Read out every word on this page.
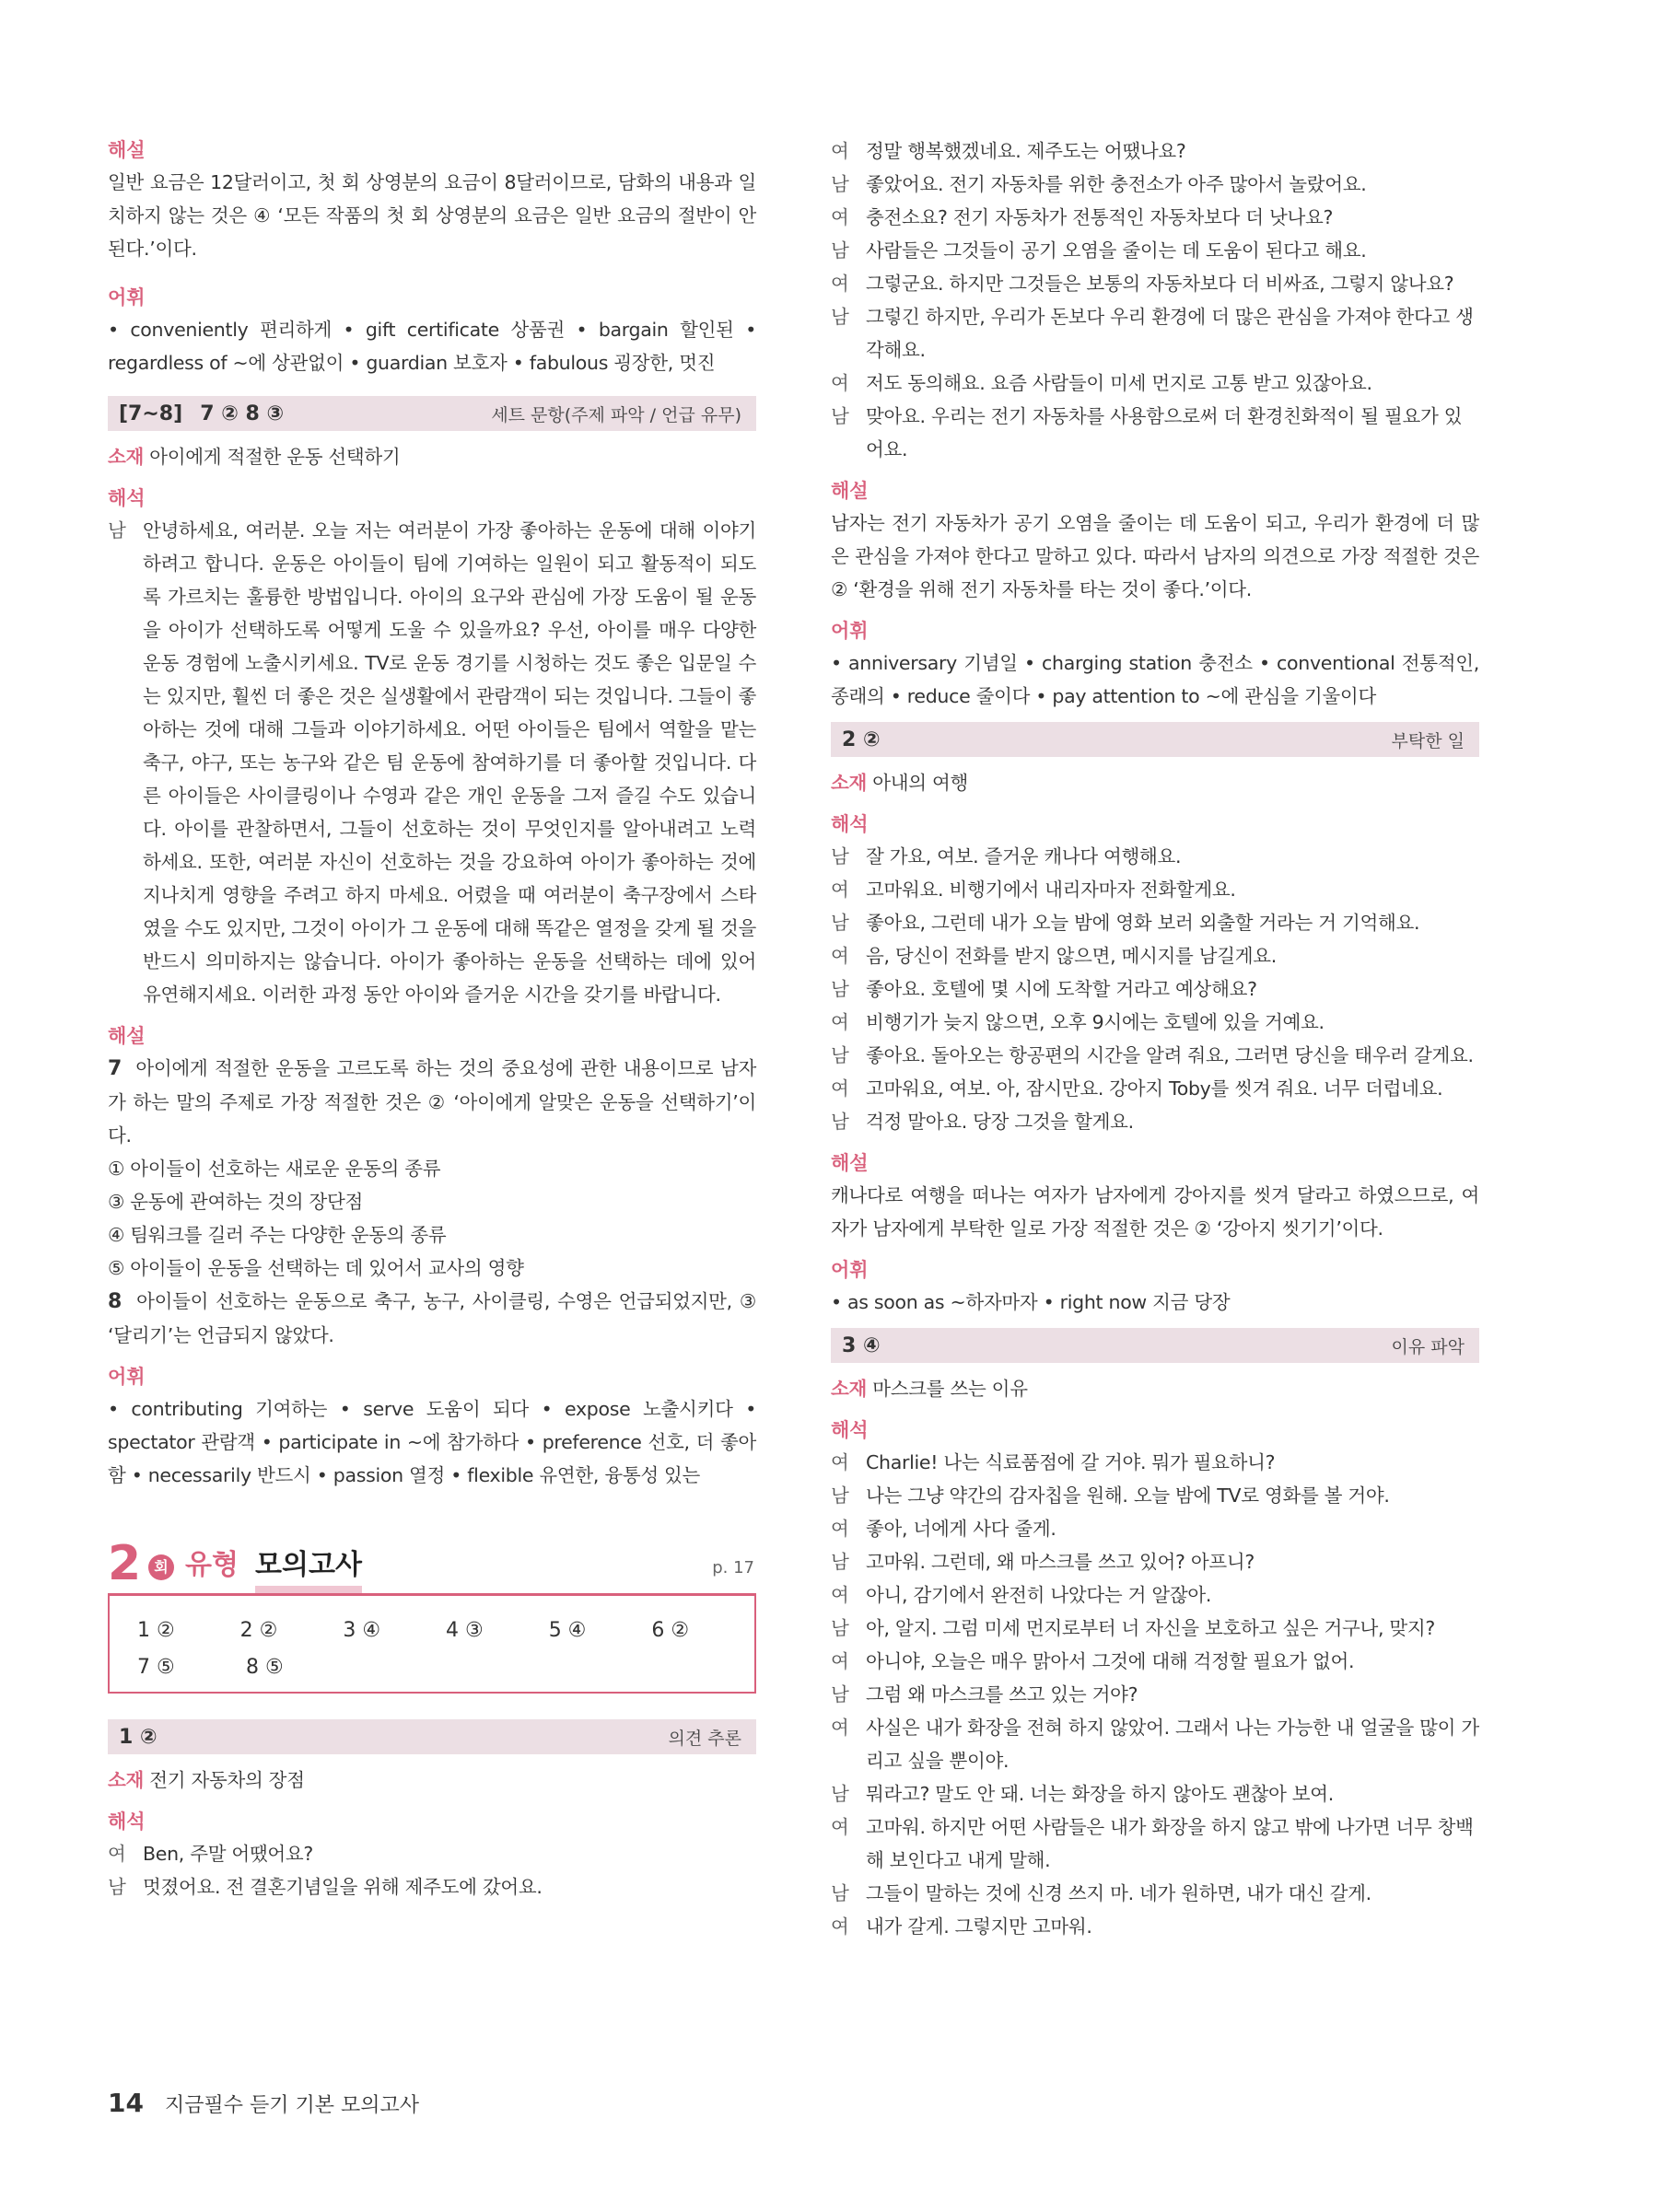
해설

일반 요금은 12달러이고, 첫 회 상영분의 요금이 8달러이므로, 담화의 내용과 일치하지 않는 것은 ④ ‘모든 작품의 첫 회 상영분의 요금은 일반 요금의 절반이 안 된다.’이다.

어휘

• conveniently 편리하게 • gift certificate 상품권 • bargain 할인된 • regardless of ~에 상관없이 • guardian 보호자 • fabulous 굉장한, 멋진

[7~8] 7 ② 8 ③	세트 문항(주제 파악 / 언급 유무)

소재 아이에게 적절한 운동 선택하기

해석

남 안녕하세요, 여러분. 오늘 저는 여러분이 가장 좋아하는 운동에 대해 이야기하려고 합니다. 운동은 아이들이 팀에 기여하는 일원이 되고 활동적이 되도록 가르치는 훌륭한 방법입니다. 아이의 요구와 관심에 가장 도움이 될 운동을 아이가 선택하도록 어떻게 도울 수 있을까요? 우선, 아이를 매우 다양한 운동 경험에 노출시키세요. TV로 운동 경기를 시청하는 것도 좋은 입문일 수는 있지만, 훨씬 더 좋은 것은 실생활에서 관람객이 되는 것입니다. 그들이 좋아하는 것에 대해 그들과 이야기하세요. 어떤 아이들은 팀에서 역할을 맡는 축구, 야구, 또는 농구와 같은 팀 운동에 참여하기를 더 좋아할 것입니다. 다른 아이들은 사이클링이나 수영과 같은 개인 운동을 그저 즐길 수도 있습니다. 아이를 관찰하면서, 그들이 선호하는 것이 무엇인지를 알아내려고 노력하세요. 또한, 여러분 자신이 선호하는 것을 강요하여 아이가 좋아하는 것에 지나치게 영향을 주려고 하지 마세요. 어렸을 때 여러분이 축구장에서 스타였을 수도 있지만, 그것이 아이가 그 운동에 대해 똑같은 열정을 갖게 될 것을 반드시 의미하지는 않습니다. 아이가 좋아하는 운동을 선택하는 데에 있어 유연해지세요. 이러한 과정 동안 아이와 즐거운 시간을 갖기를 바랍니다.

해설

7 아이에게 적절한 운동을 고르도록 하는 것의 중요성에 관한 내용이므로 남자가 하는 말의 주제로 가장 적절한 것은 ② ‘아이에게 알맞은 운동을 선택하기’이다.

① 아이들이 선호하는 새로운 운동의 종류

③ 운동에 관여하는 것의 장단점

④ 팀워크를 길러 주는 다양한 운동의 종류

⑤ 아이들이 운동을 선택하는 데 있어서 교사의 영향

8 아이들이 선호하는 운동으로 축구, 농구, 사이클링, 수영은 언급되었지만, ③ ‘달리기’는 언급되지 않았다.

어휘

• contributing 기여하는 • serve 도움이 되다 • expose 노출시키다 • spectator 관람객 • participate in ~에 참가하다 • preference 선호, 더 좋아함 • necessarily 반드시 • passion 열정 • flexible 유연한, 융통성 있는

2 회 유형 모의고사	p. 17
1 ②	2 ②	3 ④	4 ③	5 ④	6 ②
7 ⑤	8 ⑤
1 ②	의견 추론

소재 전기 자동차의 장점

해석

여 Ben, 주말 어땠어요?
남 멋졌어요. 전 결혼기념일을 위해 제주도에 갔어요.
여 정말 행복했겠네요. 제주도는 어땠나요?
남 좋았어요. 전기 자동차를 위한 충전소가 아주 많아서 놀랐어요.
여 충전소요? 전기 자동차가 전통적인 자동차보다 더 낫나요?
남 사람들은 그것들이 공기 오염을 줄이는 데 도움이 된다고 해요.
여 그렇군요. 하지만 그것들은 보통의 자동차보다 더 비싸죠, 그렇지 않나요?
남 그렇긴 하지만, 우리가 돈보다 우리 환경에 더 많은 관심을 가져야 한다고 생각해요.
여 저도 동의해요. 요즘 사람들이 미세 먼지로 고통 받고 있잖아요.
남 맞아요. 우리는 전기 자동차를 사용함으로써 더 환경친화적이 될 필요가 있어요.

해설

남자는 전기 자동차가 공기 오염을 줄이는 데 도움이 되고, 우리가 환경에 더 많은 관심을 가져야 한다고 말하고 있다. 따라서 남자의 의견으로 가장 적절한 것은 ② ‘환경을 위해 전기 자동차를 타는 것이 좋다.’이다.

어휘

• anniversary 기념일 • charging station 충전소 • conventional 전통적인, 종래의 • reduce 줄이다 • pay attention to ~에 관심을 기울이다

2 ②	부탁한 일

소재 아내의 여행

해석

남 잘 가요, 여보. 즐거운 캐나다 여행해요.
여 고마워요. 비행기에서 내리자마자 전화할게요.
남 좋아요, 그런데 내가 오늘 밤에 영화 보러 외출할 거라는 거 기억해요.
여 음, 당신이 전화를 받지 않으면, 메시지를 남길게요.
남 좋아요. 호텔에 몇 시에 도착할 거라고 예상해요?
여 비행기가 늦지 않으면, 오후 9시에는 호텔에 있을 거예요.
남 좋아요. 돌아오는 항공편의 시간을 알려 줘요, 그러면 당신을 태우러 갈게요.
여 고마워요, 여보. 아, 잠시만요. 강아지 Toby를 씻겨 줘요. 너무 더럽네요.
남 걱정 말아요. 당장 그것을 할게요.

해설

캐나다로 여행을 떠나는 여자가 남자에게 강아지를 씻겨 달라고 하였으므로, 여자가 남자에게 부탁한 일로 가장 적절한 것은 ② ‘강아지 씻기기’이다.

어휘

• as soon as ~하자마자 • right now 지금 당장

3 ④	이유 파악

소재 마스크를 쓰는 이유

해석

여 Charlie! 나는 식료품점에 갈 거야. 뭐가 필요하니?
남 나는 그냥 약간의 감자칩을 원해. 오늘 밤에 TV로 영화를 볼 거야.
여 좋아, 너에게 사다 줄게.
남 고마워. 그런데, 왜 마스크를 쓰고 있어? 아프니?
여 아니, 감기에서 완전히 나았다는 거 알잖아.
남 아, 알지. 그럼 미세 먼지로부터 너 자신을 보호하고 싶은 거구나, 맞지?
여 아니야, 오늘은 매우 맑아서 그것에 대해 걱정할 필요가 없어.
남 그럼 왜 마스크를 쓰고 있는 거야?
여 사실은 내가 화장을 전혀 하지 않았어. 그래서 나는 가능한 내 얼굴을 많이 가리고 싶을 뿐이야.
남 뭐라고? 말도 안 돼. 너는 화장을 하지 않아도 괜찮아 보여.
여 고마워. 하지만 어떤 사람들은 내가 화장을 하지 않고 밖에 나가면 너무 창백해 보인다고 내게 말해.
남 그들이 말하는 것에 신경 쓰지 마. 네가 원하면, 내가 대신 갈게.
여 내가 갈게. 그렇지만 고마워.
14 지금필수 듣기 기본 모의고사
